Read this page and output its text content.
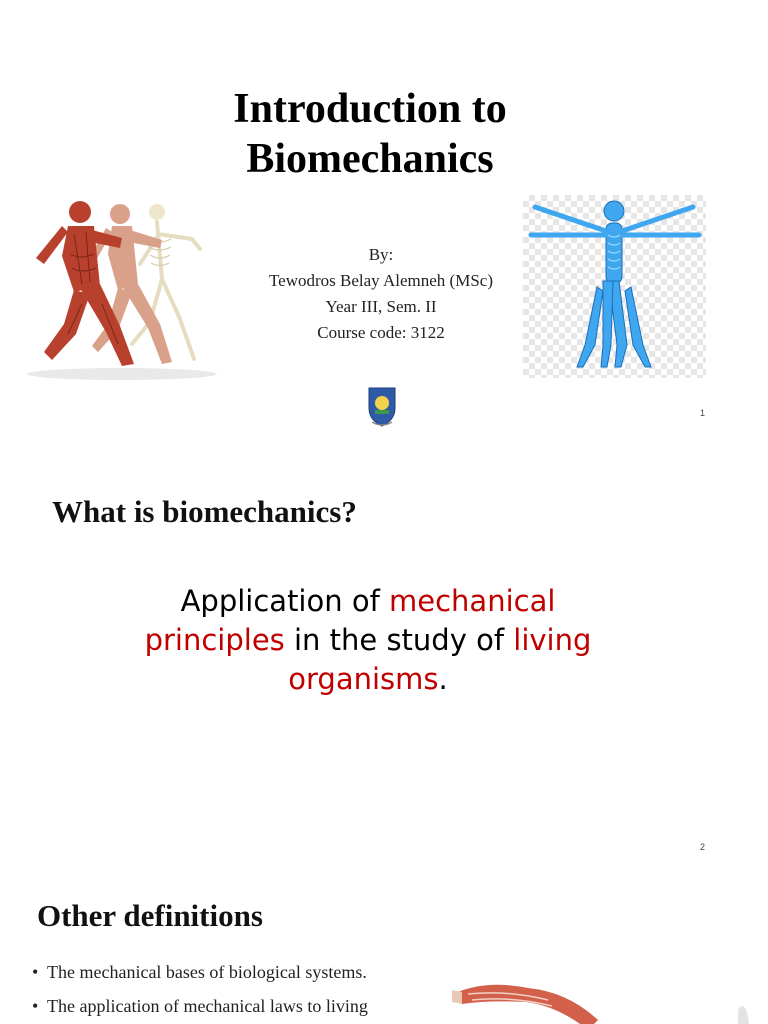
Introduction to
Biomechanics
By:
Tewodros Belay Alemneh (MSc)
Year III, Sem. II
Course code: 3122
1
What is biomechanics?

Application of mechanical principles in the study of living organisms.

2
Other definitions
• The mechanical bases of biological systems.
• The application of mechanical laws to living
